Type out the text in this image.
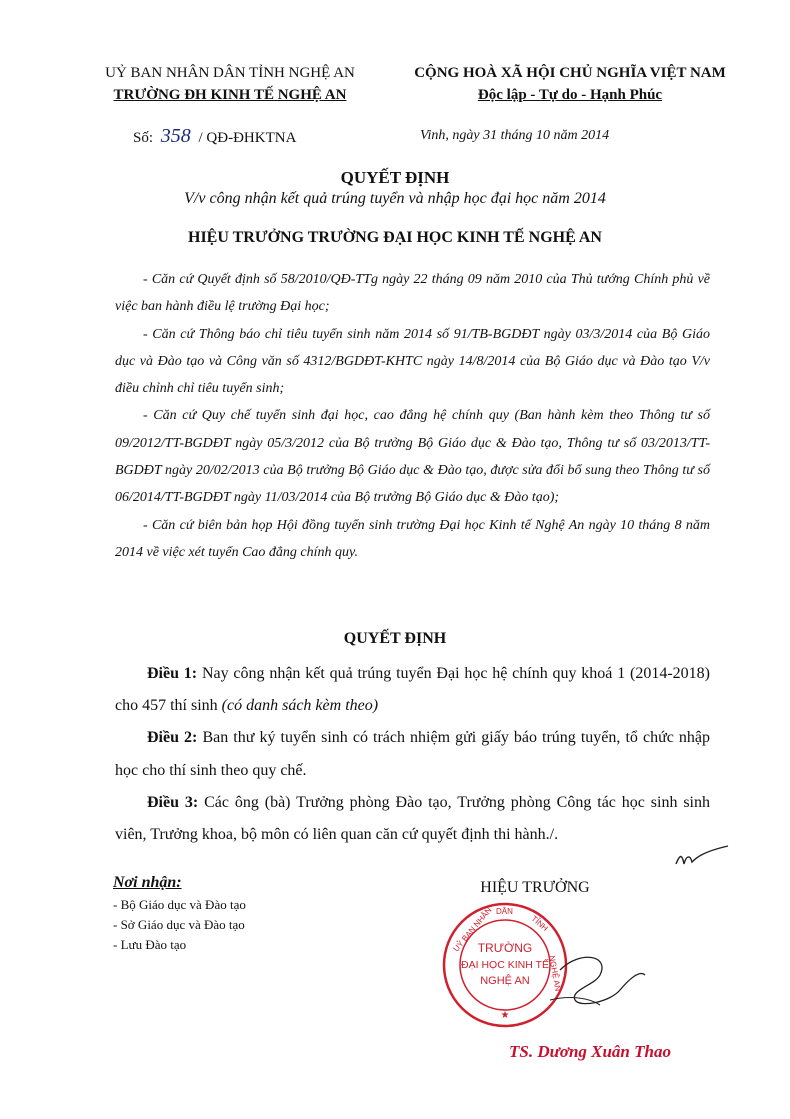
UỶ BAN NHÂN DÂN TỈNH NGHỆ AN
TRƯỜNG ĐH KINH TẾ NGHỆ AN
CỘNG HOÀ XÃ HỘI CHỦ NGHĨA VIỆT NAM
Độc lập - Tự do - Hạnh Phúc
Số: 358 / QĐ-ĐHKTNA	Vinh, ngày 31 tháng 10 năm 2014
QUYẾT ĐỊNH
V/v công nhận kết quả trúng tuyển và nhập học đại học năm 2014
HIỆU TRƯỞNG TRƯỜNG ĐẠI HỌC KINH TẾ NGHỆ AN

- Căn cứ Quyết định số 58/2010/QĐ-TTg ngày 22 tháng 09 năm 2010 của Thủ tướng Chính phủ về việc ban hành điều lệ trường Đại học;

- Căn cứ Thông báo chỉ tiêu tuyển sinh năm 2014 số 91/TB-BGDĐT ngày 03/3/2014 của Bộ Giáo dục và Đào tạo và Công văn số 4312/BGDĐT-KHTC ngày 14/8/2014 của Bộ Giáo dục và Đào tạo V/v điều chỉnh chỉ tiêu tuyển sinh;

- Căn cứ Quy chế tuyển sinh đại học, cao đẳng hệ chính quy (Ban hành kèm theo Thông tư số 09/2012/TT-BGDĐT ngày 05/3/2012 của Bộ trưởng Bộ Giáo dục & Đào tạo, Thông tư số 03/2013/TT-BGDĐT ngày 20/02/2013 của Bộ trưởng Bộ Giáo dục & Đào tạo, được sửa đổi bổ sung theo Thông tư số 06/2014/TT-BGDĐT ngày 11/03/2014 của Bộ trưởng Bộ Giáo dục & Đào tạo);

- Căn cứ biên bản họp Hội đồng tuyển sinh trường Đại học Kinh tế Nghệ An ngày 10 tháng 8 năm 2014 về việc xét tuyển Cao đẳng chính quy.

QUYẾT ĐỊNH

Điều 1: Nay công nhận kết quả trúng tuyển Đại học hệ chính quy khoá 1 (2014-2018) cho 457 thí sinh (có danh sách kèm theo)

Điều 2: Ban thư ký tuyển sinh có trách nhiệm gửi giấy báo trúng tuyển, tổ chức nhập học cho thí sinh theo quy chế.

Điều 3: Các ông (bà) Trưởng phòng Đào tạo, Trưởng phòng Công tác học sinh sinh viên, Trưởng khoa, bộ môn có liên quan căn cứ quyết định thi hành./.

Nơi nhận:
- Bộ Giáo dục và Đào tạo
- Sở Giáo dục và Đào tạo
- Lưu Đào tạo
HIỆU TRƯỞNG
UỶ BAN NHÂN DÂN
TỈNH
NGHỆ AN
TRƯỜNG
ĐẠI HỌC KINH TẾ
NGHỆ AN
★
TS. Dương Xuân Thao
